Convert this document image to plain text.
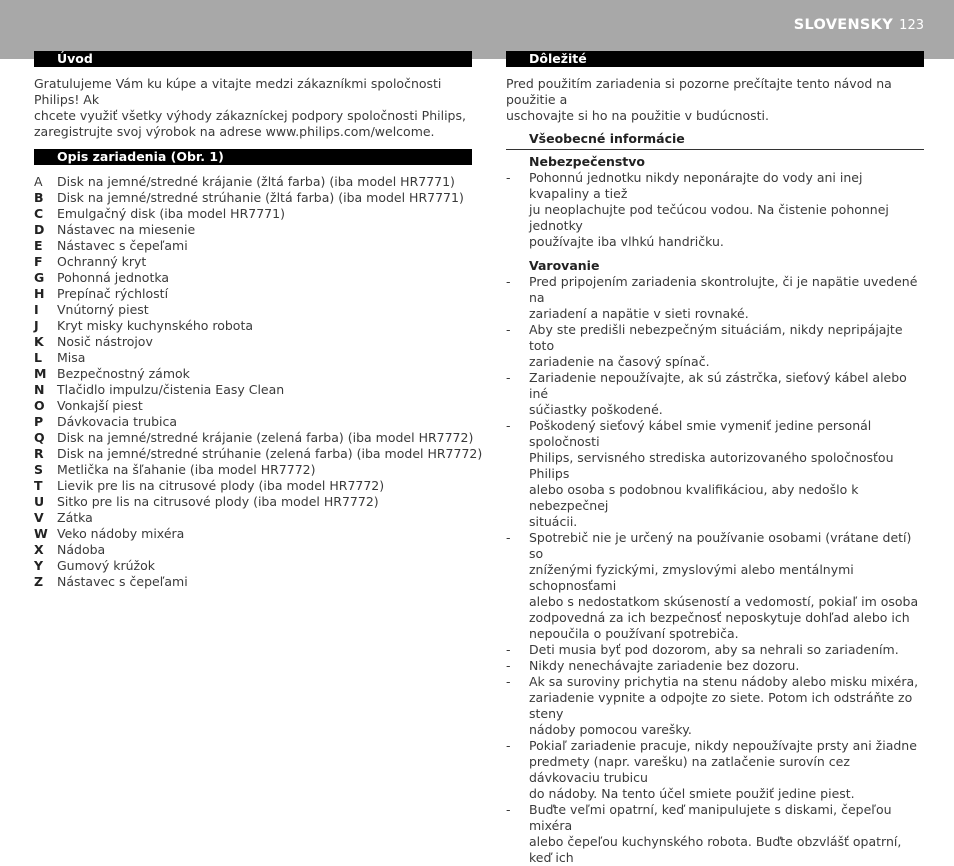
SLOVENSKY 123
Úvod

Gratulujeme Vám ku kúpe a vitajte medzi zákazníkmi spoločnosti Philips! Ak
chcete využiť všetky výhody zákazníckej podpory spoločnosti Philips,
zaregistrujte svoj výrobok na adrese www.philips.com/welcome.

Opis zariadenia (Obr. 1)
A Disk na jemné/stredné krájanie (žltá farba) (iba model HR7771)
B Disk na jemné/stredné strúhanie (žltá farba) (iba model HR7771)
C Emulgačný disk (iba model HR7771)
D Nástavec na miesenie
E Nástavec s čepeľami
F Ochranný kryt
G Pohonná jednotka
H Prepínač rýchlostí
I Vnútorný piest
J Kryt misky kuchynského robota
K Nosič nástrojov
L Misa
M Bezpečnostný zámok
N Tlačidlo impulzu/čistenia Easy Clean
O Vonkajší piest
P Dávkovacia trubica
Q Disk na jemné/stredné krájanie (zelená farba) (iba model HR7772)
R Disk na jemné/stredné strúhanie (zelená farba) (iba model HR7772)
S Metlička na šľahanie (iba model HR7772)
T Lievik pre lis na citrusové plody (iba model HR7772)
U Sitko pre lis na citrusové plody (iba model HR7772)
V Zátka
W Veko nádoby mixéra
X Nádoba
Y Gumový krúžok
Z Nástavec s čepeľami
Dôležité

Pred použitím zariadenia si pozorne prečítajte tento návod na použitie a
uschovajte si ho na použitie v budúcnosti.

Všeobecné informácie
Nebezpečenstvo
- Pohonnú jednotku nikdy neponárajte do vody ani inej kvapaliny a tiež
ju neoplachujte pod tečúcou vodou. Na čistenie pohonnej jednotky
používajte iba vlhkú handričku.
Varovanie
- Pred pripojením zariadenia skontrolujte, či je napätie uvedené na
zariadení a napätie v sieti rovnaké.
- Aby ste predišli nebezpečným situáciám, nikdy nepripájajte toto
zariadenie na časový spínač.
- Zariadenie nepoužívajte, ak sú zástrčka, sieťový kábel alebo iné
súčiastky poškodené.
- Poškodený sieťový kábel smie vymeniť jedine personál spoločnosti
Philips, servisného strediska autorizovaného spoločnosťou Philips
alebo osoba s podobnou kvalifikáciou, aby nedošlo k nebezpečnej
situácii.
- Spotrebič nie je určený na používanie osobami (vrátane detí) so
zníženými fyzickými, zmyslovými alebo mentálnymi schopnosťami
alebo s nedostatkom skúseností a vedomostí, pokiaľ im osoba
zodpovedná za ich bezpečnosť neposkytuje dohľad alebo ich
nepoučila o používaní spotrebiča.
- Deti musia byť pod dozorom, aby sa nehrali so zariadením.
- Nikdy nenechávajte zariadenie bez dozoru.
- Ak sa suroviny prichytia na stenu nádoby alebo misku mixéra,
zariadenie vypnite a odpojte zo siete. Potom ich odstráňte zo steny
nádoby pomocou varešky.
- Pokiaľ zariadenie pracuje, nikdy nepoužívajte prsty ani žiadne
predmety (napr. varešku) na zatlačenie surovín cez dávkovaciu trubicu
do nádoby. Na tento účel smiete použiť jedine piest.
- Buďte veľmi opatrní, keď manipulujete s diskami, čepeľou mixéra
alebo čepeľou kuchynského robota. Buďte obzvlášť opatrní, keď ich
